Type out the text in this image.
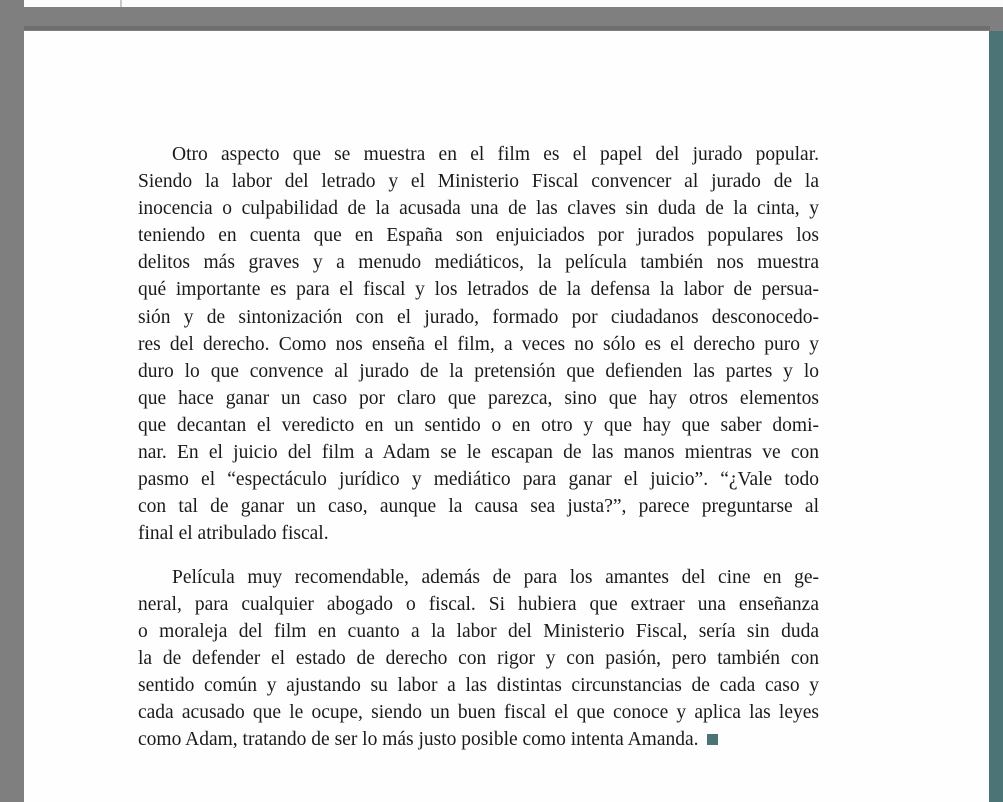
Otro aspecto que se muestra en el film es el papel del jurado popular.
Siendo la labor del letrado y el Ministerio Fiscal convencer al jurado de la
inocencia o culpabilidad de la acusada una de las claves sin duda de la cinta, y
teniendo en cuenta que en España son enjuiciados por jurados populares los
delitos más graves y a menudo mediáticos, la película también nos muestra
qué importante es para el fiscal y los letrados de la defensa la labor de persua-
sión y de sintonización con el jurado, formado por ciudadanos desconocedo-
res del derecho. Como nos enseña el film, a veces no sólo es el derecho puro y
duro lo que convence al jurado de la pretensión que defienden las partes y lo
que hace ganar un caso por claro que parezca, sino que hay otros elementos
que decantan el veredicto en un sentido o en otro y que hay que saber domi-
nar. En el juicio del film a Adam se le escapan de las manos mientras ve con
pasmo el “espectáculo jurídico y mediático para ganar el juicio”. “¿Vale todo
con tal de ganar un caso, aunque la causa sea justa?”, parece preguntarse al
final el atribulado fiscal.
Película muy recomendable, además de para los amantes del cine en ge-
neral, para cualquier abogado o fiscal. Si hubiera que extraer una enseñanza
o moraleja del film en cuanto a la labor del Ministerio Fiscal, sería sin duda
la de defender el estado de derecho con rigor y con pasión, pero también con
sentido común y ajustando su labor a las distintas circunstancias de cada caso y
cada acusado que le ocupe, siendo un buen fiscal el que conoce y aplica las leyes
como Adam, tratando de ser lo más justo posible como intenta Amanda.
